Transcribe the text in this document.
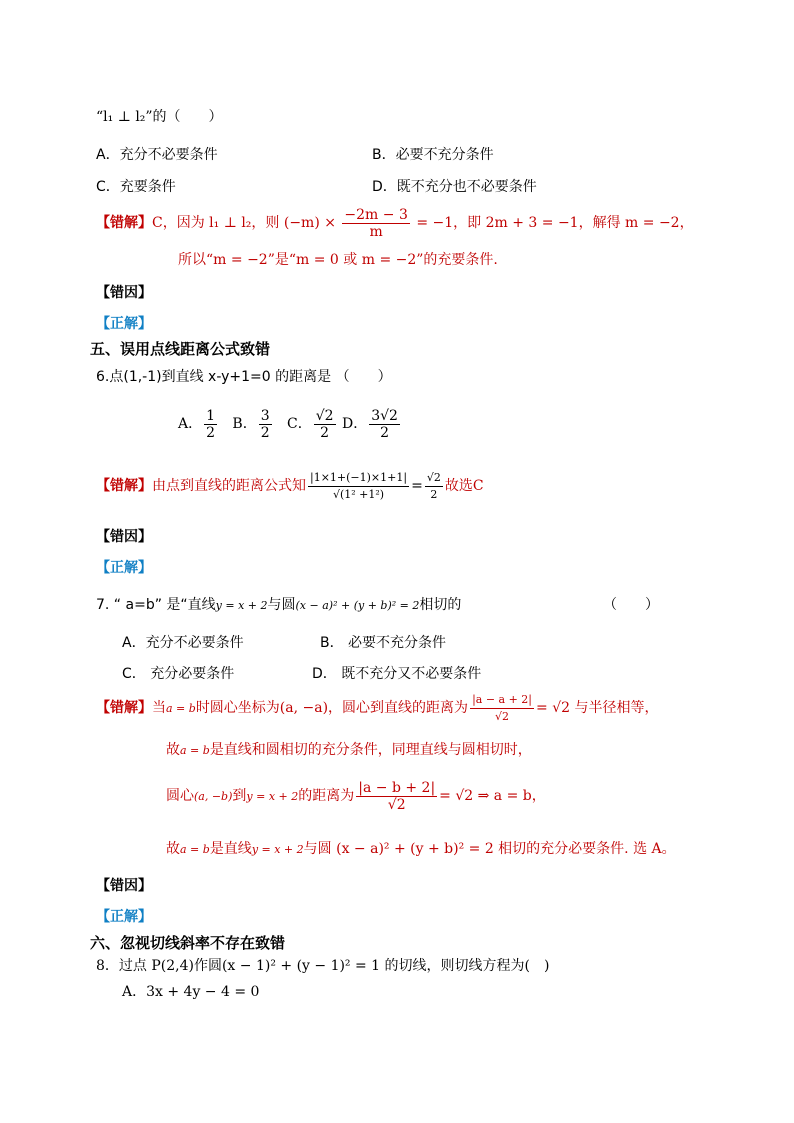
“l₁ ⊥ l₂”的（　　）
A．充分不必要条件	B．必要不充分条件
C．充要条件	D．既不充分也不必要条件
【错解】C，因为 l₁ ⊥ l₂，则 $(-m) \times \frac{-2m - 3}{m} = -1$，即 2m + 3 = −1，解得 m = −2，
所以“m = −2”是“m = 0 或 m = −2”的充要条件.
【错因】
【正解】
五、误用点线距离公式致错
6.点(1,-1)到直线 x-y+1=0 的距离是 （　　）
A． $\frac{1}{2}$ B． $\frac{3}{2}$ C． $\frac{√2}{2}$ D． $\frac{3√2}{2}$
【错解】由点到直线的距离公式知 $\frac{|1\times 1+(-1)\times 1+1|}{\text{√(1² +1²)}} = \frac{√2}{2}$ 故选C
【错因】
【正解】
7. “ a=b” 是“直线y = x + 2与圆(x − a)² + (y + b)² = 2相切的	（　　）
A．充分不必要条件	B． 必要不充分条件
C． 充分必要条件	D． 既不充分又不必要条件
【错解】当a = b时圆心坐标为(a, −a)，圆心到直线的距离为 $\frac{|a - a + 2|}{√2} = √2$ 与半径相等，
故a = b是直线和圆相切的充分条件，同理直线与圆相切时，
圆心(a, −b)到y = x + 2的距离为 $\frac{|a - b + 2|}{√2} = √2$ ⇒ a = b，
故a = b是直线y = x + 2与圆 (x − a)² + (y + b)² = 2 相切的充分必要条件. 选 A。
【错因】
【正解】
六、忽视切线斜率不存在致错
8．过点 P(2,4)作圆(x − 1)² + (y − 1)² = 1 的切线，则切线方程为(　)
A．3x + 4y − 4 = 0
